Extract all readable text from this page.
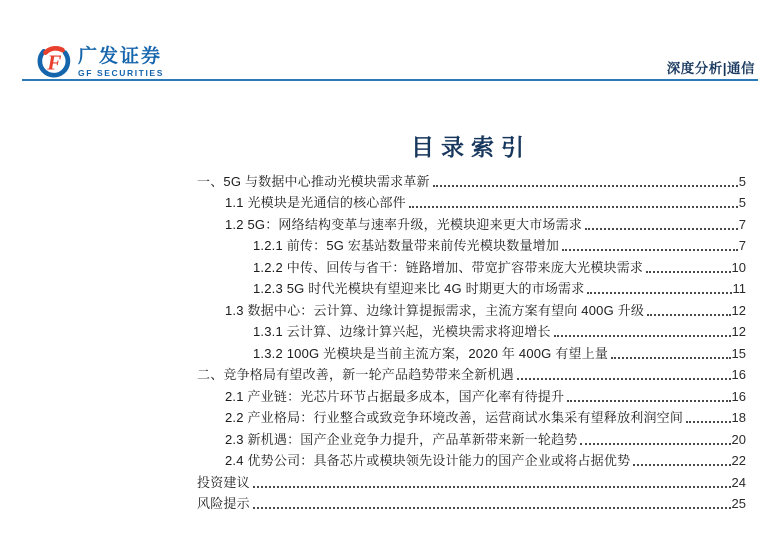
F 广发证券
GF SECURITIES	深度分析|通信
目录索引
一、5G 与数据中心推动光模块需求革新	5
1.1 光模块是光通信的核心部件	5
1.2 5G：网络结构变革与速率升级，光模块迎来更大市场需求	7
1.2.1 前传：5G 宏基站数量带来前传光模块数量增加	7
1.2.2 中传、回传与省干：链路增加、带宽扩容带来庞大光模块需求	10
1.2.3 5G 时代光模块有望迎来比 4G 时期更大的市场需求	11
1.3 数据中心：云计算、边缘计算提振需求，主流方案有望向 400G 升级	12
1.3.1 云计算、边缘计算兴起，光模块需求将迎增长	12
1.3.2 100G 光模块是当前主流方案，2020 年 400G 有望上量	15
二、竞争格局有望改善，新一轮产品趋势带来全新机遇	16
2.1 产业链：光芯片环节占据最多成本，国产化率有待提升	16
2.2 产业格局：行业整合或致竞争环境改善，运营商试水集采有望释放利润空间	18
2.3 新机遇：国产企业竞争力提升，产品革新带来新一轮趋势	20
2.4 优势公司：具备芯片或模块领先设计能力的国产企业或将占据优势	22
投资建议	24
风险提示	25
